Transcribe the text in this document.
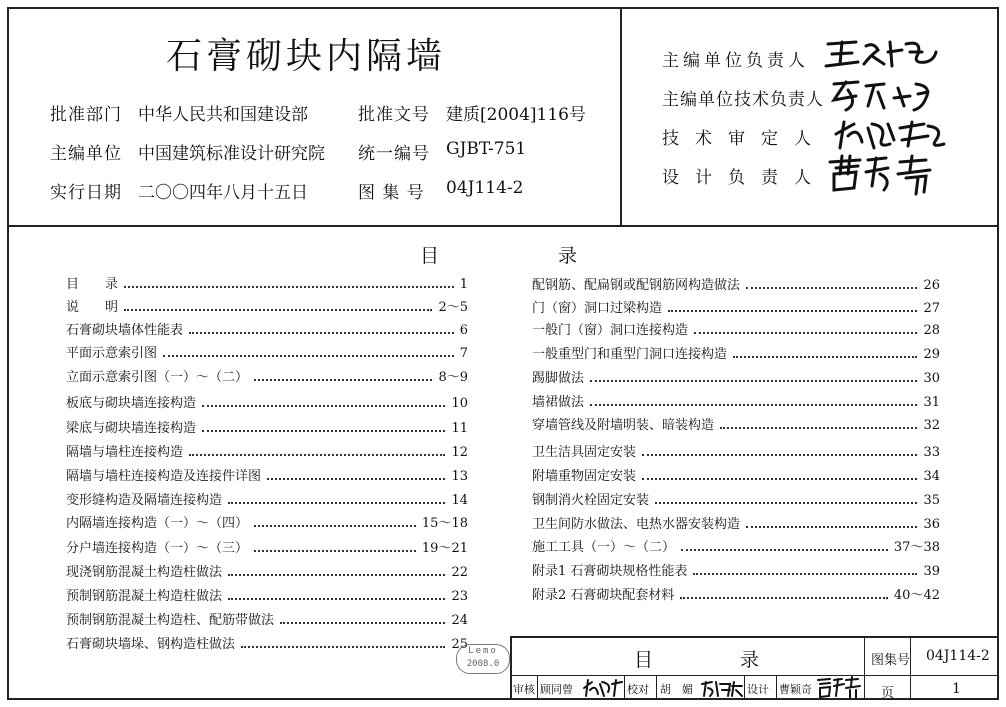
石膏砌块内隔墙
批准部门 中华人民共和国建设部	批准文号 建质[2004]116号
主编单位 中国建筑标准设计研究院 统一编号 GJBT-751
实行日期 二〇〇四年八月十五日	图 集 号 04J114-2
主编单位负责人
主编单位技术负责人
技术审定人
设计负责人
目	录
目　　录	1
说　　明	2～5
石膏砌块墙体性能表	6
平面示意索引图	7
立面示意索引图（一）～（二）	8～9
板底与砌块墙连接构造	10
梁底与砌块墙连接构造	11
隔墙与墙柱连接构造	12
隔墙与墙柱连接构造及连接件详图	13
变形缝构造及隔墙连接构造	14
内隔墙连接构造（一）～（四）	15～18
分户墙连接构造（一）～（三）	19～21
现浇钢筋混凝土构造柱做法	22
预制钢筋混凝土构造柱做法	23
预制钢筋混凝土构造柱、配筋带做法	24
石膏砌块墙垛、钢构造柱做法	25
配钢筋、配扁钢或配钢筋网构造做法	26
门（窗）洞口过梁构造	27
一般门（窗）洞口连接构造	28
一般重型门和重型门洞口连接构造	29
踢脚做法	30
墙裙做法	31
穿墙管线及附墙明装、暗装构造	32
卫生洁具固定安装	33
附墙重物固定安装	34
钢制消火栓固定安装	35
卫生间防水做法、电热水器安装构造	36
施工工具（一）～（二）	37～38
附录1 石膏砌块规格性能表	39
附录2 石膏砌块配套材料	40～42
Lemo
2008.0	目	录	图集号 04J114-2
审核 顾同曾	校对 胡　媚	设计 曹颖奇	页	1
